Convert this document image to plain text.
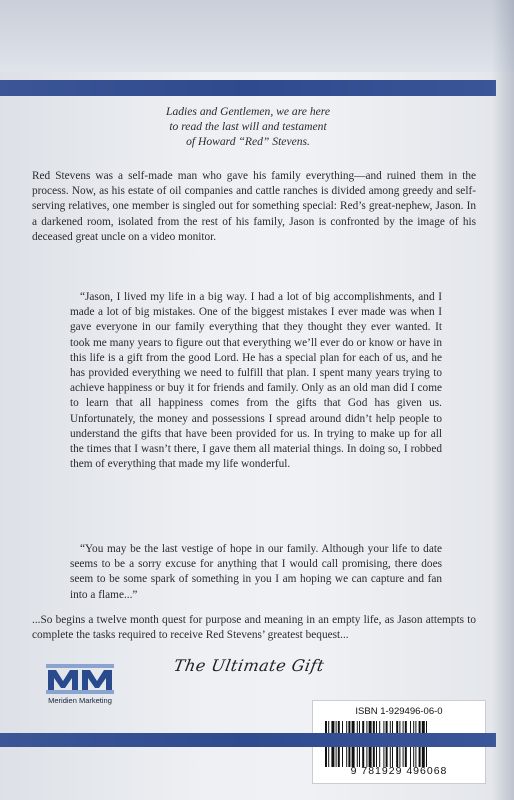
Ladies and Gentlemen, we are here
to read the last will and testament
of Howard “Red” Stevens.

Red Stevens was a self-made man who gave his family everything—and ruined them in the process. Now, as his estate of oil companies and cattle ranches is divided among greedy and self-serving relatives, one member is singled out for something special: Red’s great-nephew, Jason. In a darkened room, isolated from the rest of his family, Jason is confronted by the image of his deceased great uncle on a video monitor.

“Jason, I lived my life in a big way. I had a lot of big accomplishments, and I made a lot of big mistakes. One of the biggest mistakes I ever made was when I gave everyone in our family everything that they thought they ever wanted. It took me many years to figure out that everything we’ll ever do or know or have in this life is a gift from the good Lord. He has a special plan for each of us, and he has provided everything we need to fulfill that plan. I spent many years trying to achieve happiness or buy it for friends and family. Only as an old man did I come to learn that all happiness comes from the gifts that God has given us. Unfortunately, the money and possessions I spread around didn’t help people to understand the gifts that have been provided for us. In trying to make up for all the times that I wasn’t there, I gave them all material things. In doing so, I robbed them of everything that made my life wonderful.

“You may be the last vestige of hope in our family. Although your life to date seems to be a sorry excuse for anything that I would call promising, there does seem to be some spark of something in you I am hoping we can capture and fan into a flame...”

...So begins a twelve month quest for purpose and meaning in an empty life, as Jason attempts to complete the tasks required to receive Red Stevens’ greatest bequest...

Meridien Marketing
The Ultimate Gift
ISBN 1-929496-06-0
9 781929 496068
